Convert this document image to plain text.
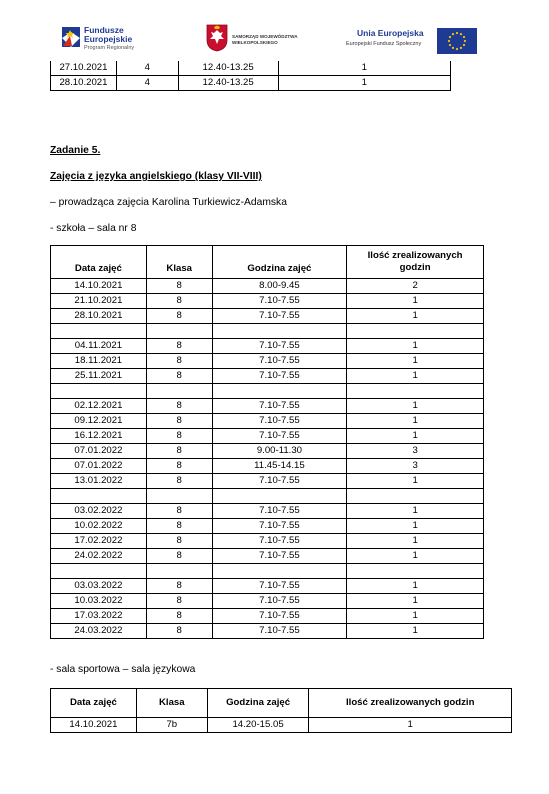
Fundusze
Europejskie
Program Regionalny
SAMORZĄD WOJEWÓDZTWA
WIELKOPOLSKIEGO
Unia Europejska
Europejski Fundusz Społeczny
27.10.2021	4	12.40-13.25	1
28.10.2021	4	12.40-13.25	1
Zadanie 5.
Zajęcia z języka angielskiego (klasy VII-VIII)
– prowadząca zajęcia Karolina Turkiewicz-Adamska
- szkoła – sala nr 8
Data zajęć	Klasa	Godzina zajęć	Ilość zrealizowanych godzin
14.10.2021	8	8.00-9.45	2
21.10.2021	8	7.10-7.55	1
28.10.2021	8	7.10-7.55	1

04.11.2021	8	7.10-7.55	1
18.11.2021	8	7.10-7.55	1
25.11.2021	8	7.10-7.55	1

02.12.2021	8	7.10-7.55	1
09.12.2021	8	7.10-7.55	1
16.12.2021	8	7.10-7.55	1
07.01.2022	8	9.00-11.30	3
07.01.2022	8	11.45-14.15	3
13.01.2022	8	7.10-7.55	1

03.02.2022	8	7.10-7.55	1
10.02.2022	8	7.10-7.55	1
17.02.2022	8	7.10-7.55	1
24.02.2022	8	7.10-7.55	1

03.03.2022	8	7.10-7.55	1
10.03.2022	8	7.10-7.55	1
17.03.2022	8	7.10-7.55	1
24.03.2022	8	7.10-7.55	1
- sala sportowa – sala językowa
Data zajęć	Klasa	Godzina zajęć	Ilość zrealizowanych godzin
14.10.2021	7b	14.20-15.05	1
